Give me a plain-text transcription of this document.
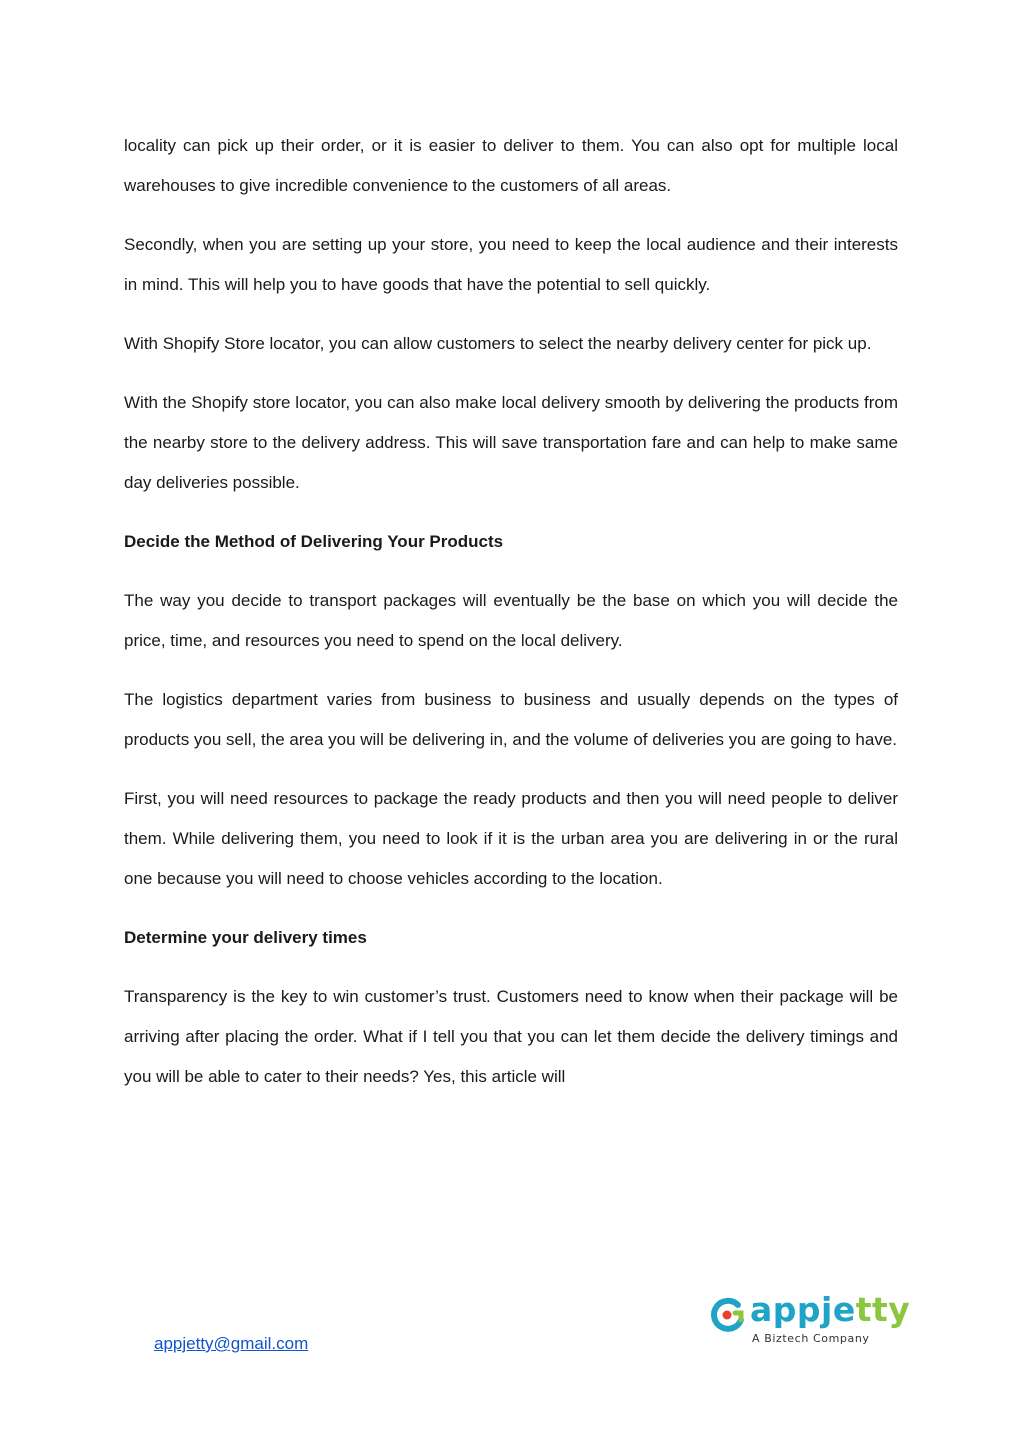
locality can pick up their order, or it is easier to deliver to them. You can also opt for multiple local warehouses to give incredible convenience to the customers of all areas.

Secondly, when you are setting up your store, you need to keep the local audience and their interests in mind. This will help you to have goods that have the potential to sell quickly.

With Shopify Store locator, you can allow customers to select the nearby delivery center for pick up.

With the Shopify store locator, you can also make local delivery smooth by delivering the products from the nearby store to the delivery address. This will save transportation fare and can help to make same day deliveries possible.

Decide the Method of Delivering Your Products

The way you decide to transport packages will eventually be the base on which you will decide the price, time, and resources you need to spend on the local delivery.

The logistics department varies from business to business and usually depends on the types of products you sell, the area you will be delivering in, and the volume of deliveries you are going to have.

First, you will need resources to package the ready products and then you will need people to deliver them. While delivering them, you need to look if it is the urban area you are delivering in or the rural one because you will need to choose vehicles according to the location.

Determine your delivery times

Transparency is the key to win customer’s trust. Customers need to know when their package will be arriving after placing the order. What if I tell you that you can let them decide the delivery timings and you will be able to cater to their needs? Yes, this article will

appjetty@gmail.com
appjetty
A Biztech Company
